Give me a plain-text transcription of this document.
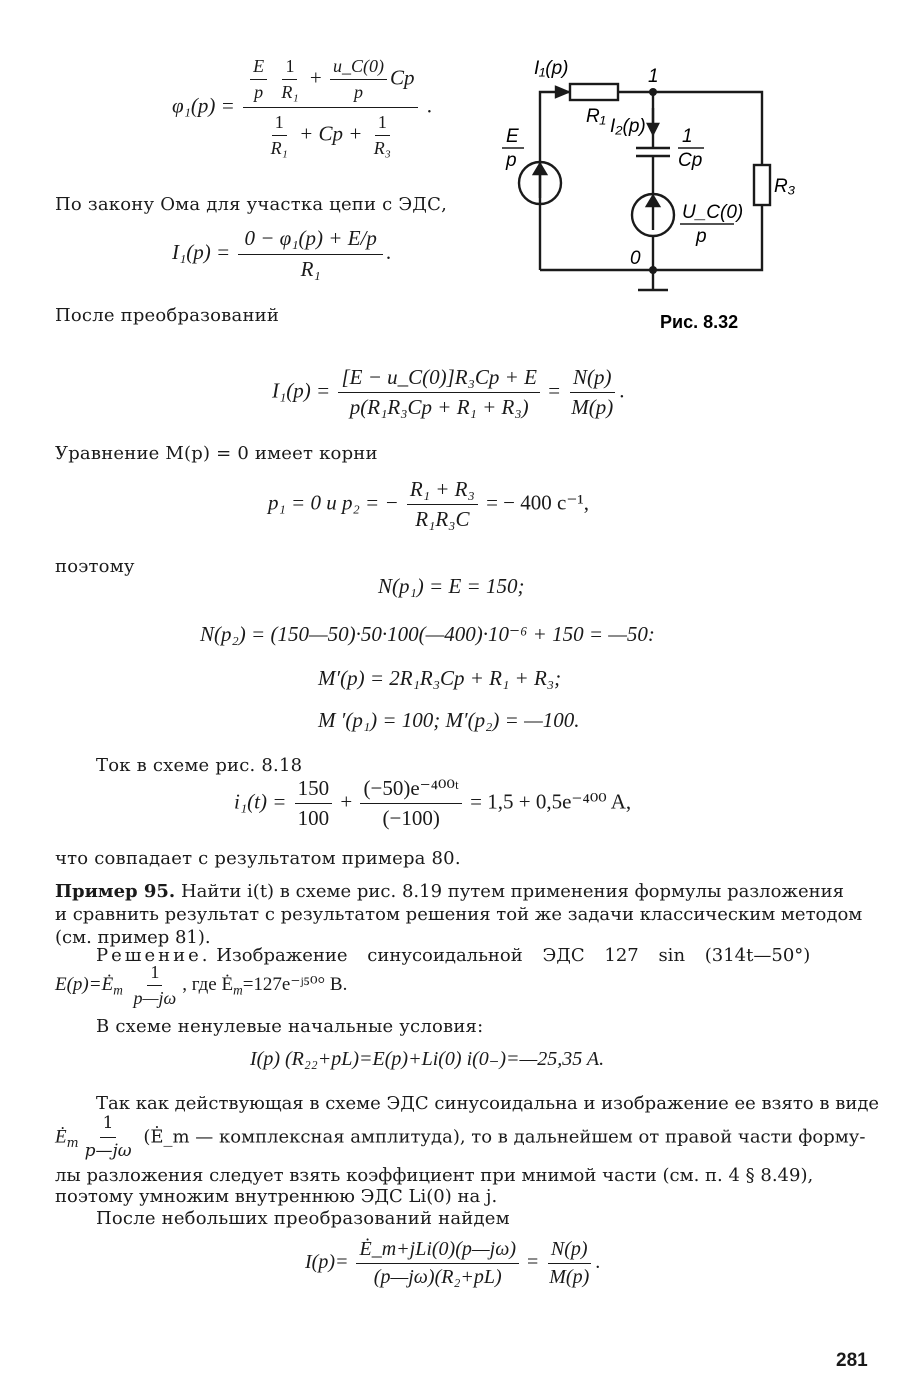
$\varphi_1(p) = \frac{E}{p}$
$\frac{1}{\text{R₁}} + \frac{u\_C(0)}{p}$ Cp
$\frac{1}{\text{R₁}} + Cp + \frac{1}{\text{R₃}}$ .
По закону Ома для участка цепи с ЭДС,
$I_1(p) = \frac{\text{0 − φ₁(p) + E/p}}{\text{R₁}}$ .
После преобразований
I₁(p)	1
R₁ I₂(p) 1
Cp
E
p
U_C(0)
p
R₃
0
Рис. 8.32
$I_1(p) = \frac{\text{[E − u\_C(0)]R₃Cp + E}}{\text{p(R₁R₃Cp + R₁ + R₃)}} = \frac{N(p)}{M(p)}$ .
Уравнение M(p) = 0 имеет корни
p₁ = 0 и p₂ = − $\frac{\text{R₁ + R₃}}{\text{R₁R₃C}}$ = − 400 с⁻¹,
поэтому
N(p₁) = E = 150;
N(p₂) = (150—50)·50·100(—400)·10⁻⁶ + 150 = —50:
M′(p) = 2R₁R₃Cp + R₁ + R₃;
M ′(p₁) = 100; M′(p₂) = —100.
Ток в схеме рис. 8.18
$i_1(t) = \frac{150}{100} + \frac{\text{(−50)e⁻⁴⁰⁰ᵗ}}{(-100)} = 1,5 + 0,5e^{-400}$ A,
что совпадает с результатом примера 80.
Пример 95. Найти i(t) в схеме рис. 8.19 путем применения формулы разложения
и сравнить результат с результатом решения той же задачи классическим методом
(см. пример 81).
Решение. Изображение синусоидальной ЭДС 127 sin (314t—50°)
$E(p)=Ė_m \frac{1}{p—j\omega}$ , где $Ė_m=127e^-ʲ^{50}^\circ$ В.
В схеме ненулевые начальные условия:
I(p) (R₂₂+pL)=E(p)+Li(0) i(0₋)=—25,35 A.
Так как действующая в схеме ЭДС синусоидальна и изображение ее взято в виде
$Ė_m \frac{1}{p—j\omega}$ (Ė_m — комплексная амплитуда), то в дальнейшем от правой части форму-
лы разложения следует взять коэффициент при мнимой части (см. п. 4 § 8.49),
поэтому умножим внутреннюю ЭДС Li(0) на j.
После небольших преобразований найдем
$I(p)= \frac{\text{Ė\_m+jLi(0)(p—jω)}}{\text{(p—jω)(R₂+pL)}} = \frac{N(p)}{M(p)}$ .
281
